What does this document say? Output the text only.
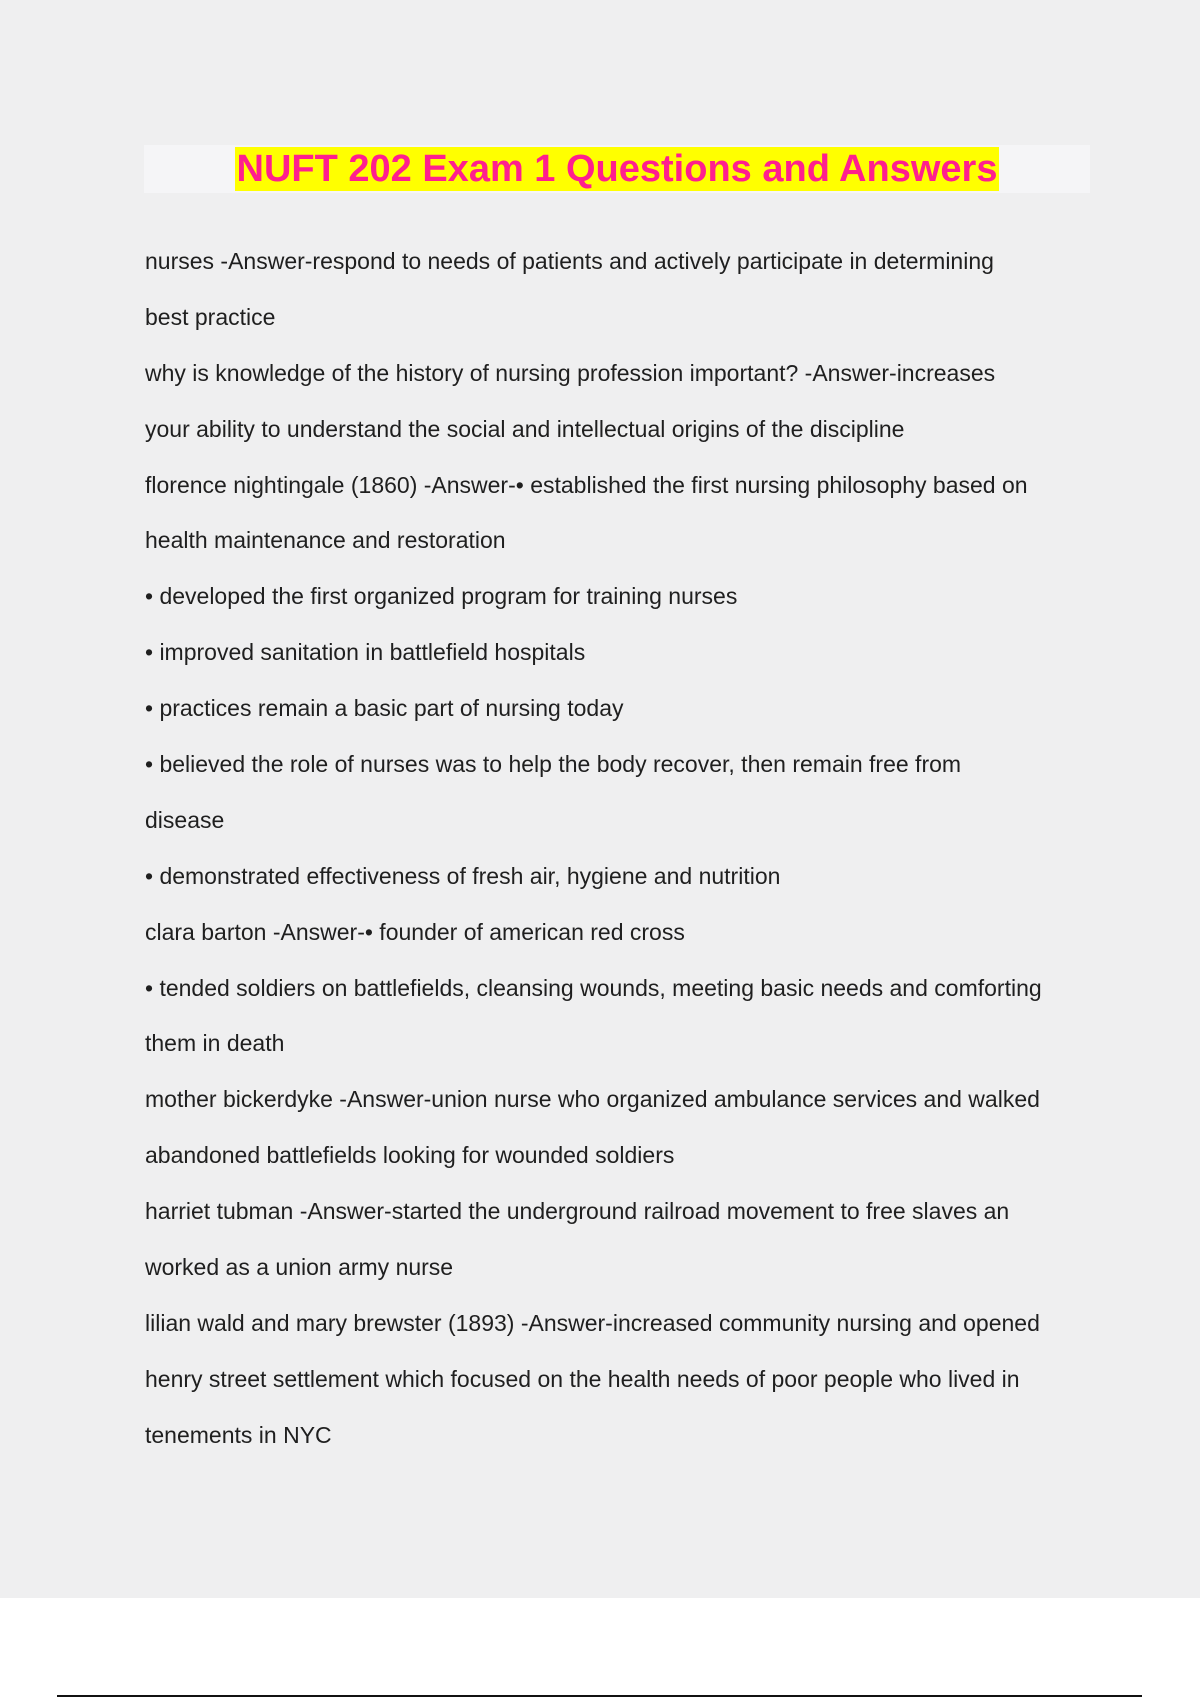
NUFT 202 Exam 1 Questions and Answers
nurses -Answer-respond to needs of patients and actively participate in determining
best practice
why is knowledge of the history of nursing profession important? -Answer-increases
your ability to understand the social and intellectual origins of the discipline
florence nightingale (1860) -Answer-• established the first nursing philosophy based on
health maintenance and restoration
• developed the first organized program for training nurses
• improved sanitation in battlefield hospitals
• practices remain a basic part of nursing today
• believed the role of nurses was to help the body recover, then remain free from
disease
• demonstrated effectiveness of fresh air, hygiene and nutrition
clara barton -Answer-• founder of american red cross
• tended soldiers on battlefields, cleansing wounds, meeting basic needs and comforting
them in death
mother bickerdyke -Answer-union nurse who organized ambulance services and walked
abandoned battlefields looking for wounded soldiers
harriet tubman -Answer-started the underground railroad movement to free slaves an
worked as a union army nurse
lilian wald and mary brewster (1893) -Answer-increased community nursing and opened
henry street settlement which focused on the health needs of poor people who lived in
tenements in NYC
